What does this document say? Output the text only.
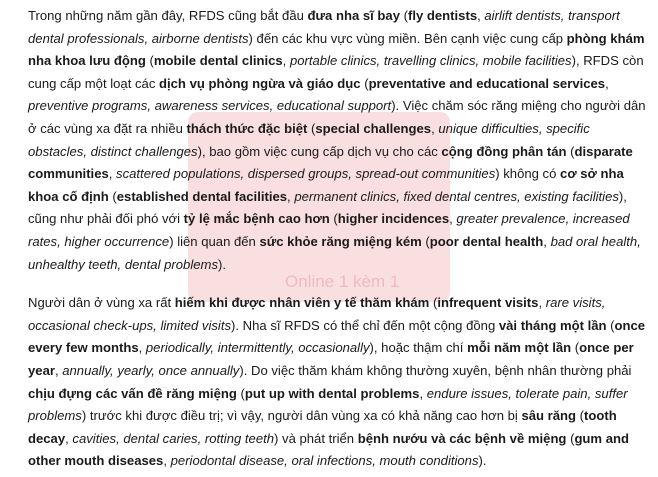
Online 1 kèm 1

Trong những năm gần đây, RFDS cũng bắt đầu đưa nha sĩ bay (fly dentists, airlift dentists, transport dental professionals, airborne dentists) đến các khu vực vùng miền. Bên cạnh việc cung cấp phòng khám nha khoa lưu động (mobile dental clinics, portable clinics, travelling clinics, mobile facilities), RFDS còn cung cấp một loạt các dịch vụ phòng ngừa và giáo dục (preventative and educational services, preventive programs, awareness services, educational support). Việc chăm sóc răng miệng cho người dân ở các vùng xa đặt ra nhiều thách thức đặc biệt (special challenges, unique difficulties, specific obstacles, distinct challenges), bao gồm việc cung cấp dịch vụ cho các cộng đồng phân tán (disparate communities, scattered populations, dispersed groups, spread-out communities) không có cơ sở nha khoa cố định (established dental facilities, permanent clinics, fixed dental centres, existing facilities), cũng như phải đối phó với tỷ lệ mắc bệnh cao hơn (higher incidences, greater prevalence, increased rates, higher occurrence) liên quan đến sức khỏe răng miệng kém (poor dental health, bad oral health, unhealthy teeth, dental problems).

Người dân ở vùng xa rất hiếm khi được nhân viên y tế thăm khám (infrequent visits, rare visits, occasional check-ups, limited visits). Nha sĩ RFDS có thể chỉ đến một cộng đồng vài tháng một lần (once every few months, periodically, intermittently, occasionally), hoặc thậm chí mỗi năm một lần (once per year, annually, yearly, once annually). Do việc thăm khám không thường xuyên, bệnh nhân thường phải chịu đựng các vấn đề răng miệng (put up with dental problems, endure issues, tolerate pain, suffer problems) trước khi được điều trị; vì vậy, người dân vùng xa có khả năng cao hơn bị sâu răng (tooth decay, cavities, dental caries, rotting teeth) và phát triển bệnh nướu và các bệnh về miệng (gum and other mouth diseases, periodontal disease, oral infections, mouth conditions).
